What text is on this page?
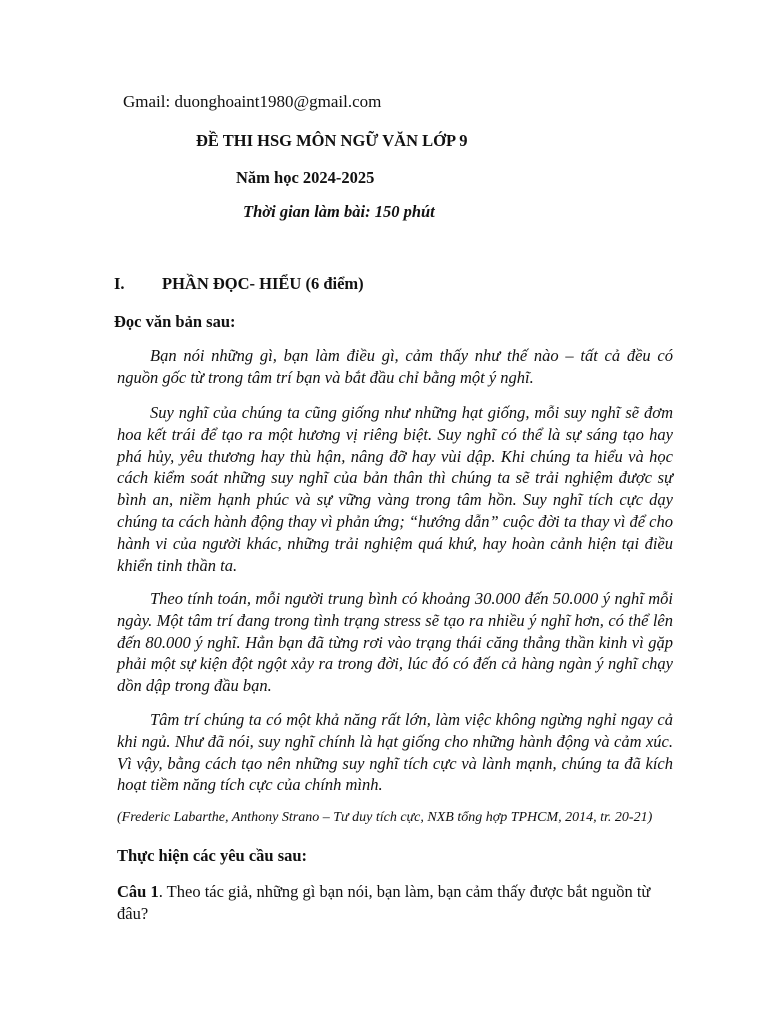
Gmail: duonghoaint1980@gmail.com
ĐỀ THI HSG MÔN NGỮ VĂN LỚP 9
Năm học 2024-2025
Thời gian làm bài: 150 phút
I. PHẦN ĐỌC- HIỂU (6 điểm)
Đọc văn bản sau:

Bạn nói những gì, bạn làm điều gì, cảm thấy như thế nào – tất cả đều có nguồn gốc từ trong tâm trí bạn và bắt đầu chỉ bằng một ý nghĩ.

Suy nghĩ của chúng ta cũng giống như những hạt giống, mỗi suy nghĩ sẽ đơm hoa kết trái để tạo ra một hương vị riêng biệt. Suy nghĩ có thể là sự sáng tạo hay phá hủy, yêu thương hay thù hận, nâng đỡ hay vùi dập. Khi chúng ta hiểu và học cách kiểm soát những suy nghĩ của bản thân thì chúng ta sẽ trải nghiệm được sự bình an, niềm hạnh phúc và sự vững vàng trong tâm hồn. Suy nghĩ tích cực dạy chúng ta cách hành động thay vì phản ứng; “hướng dẫn” cuộc đời ta thay vì để cho hành vi của người khác, những trải nghiệm quá khứ, hay hoàn cảnh hiện tại điều khiển tinh thần ta.

Theo tính toán, mỗi người trung bình có khoảng 30.000 đến 50.000 ý nghĩ mỗi ngày. Một tâm trí đang trong tình trạng stress sẽ tạo ra nhiều ý nghĩ hơn, có thể lên đến 80.000 ý nghĩ. Hẳn bạn đã từng rơi vào trạng thái căng thẳng thần kinh vì gặp phải một sự kiện đột ngột xảy ra trong đời, lúc đó có đến cả hàng ngàn ý nghĩ chạy dồn dập trong đầu bạn.

Tâm trí chúng ta có một khả năng rất lớn, làm việc không ngừng nghỉ ngay cả khi ngủ. Như đã nói, suy nghĩ chính là hạt giống cho những hành động và cảm xúc. Vì vậy, bằng cách tạo nên những suy nghĩ tích cực và lành mạnh, chúng ta đã kích hoạt tiềm năng tích cực của chính mình.

(Frederic Labarthe, Anthony Strano – Tư duy tích cực, NXB tổng hợp TPHCM, 2014, tr. 20-21)
Thực hiện các yêu cầu sau:

Câu 1. Theo tác giả, những gì bạn nói, bạn làm, bạn cảm thấy được bắt nguồn từ đâu?
